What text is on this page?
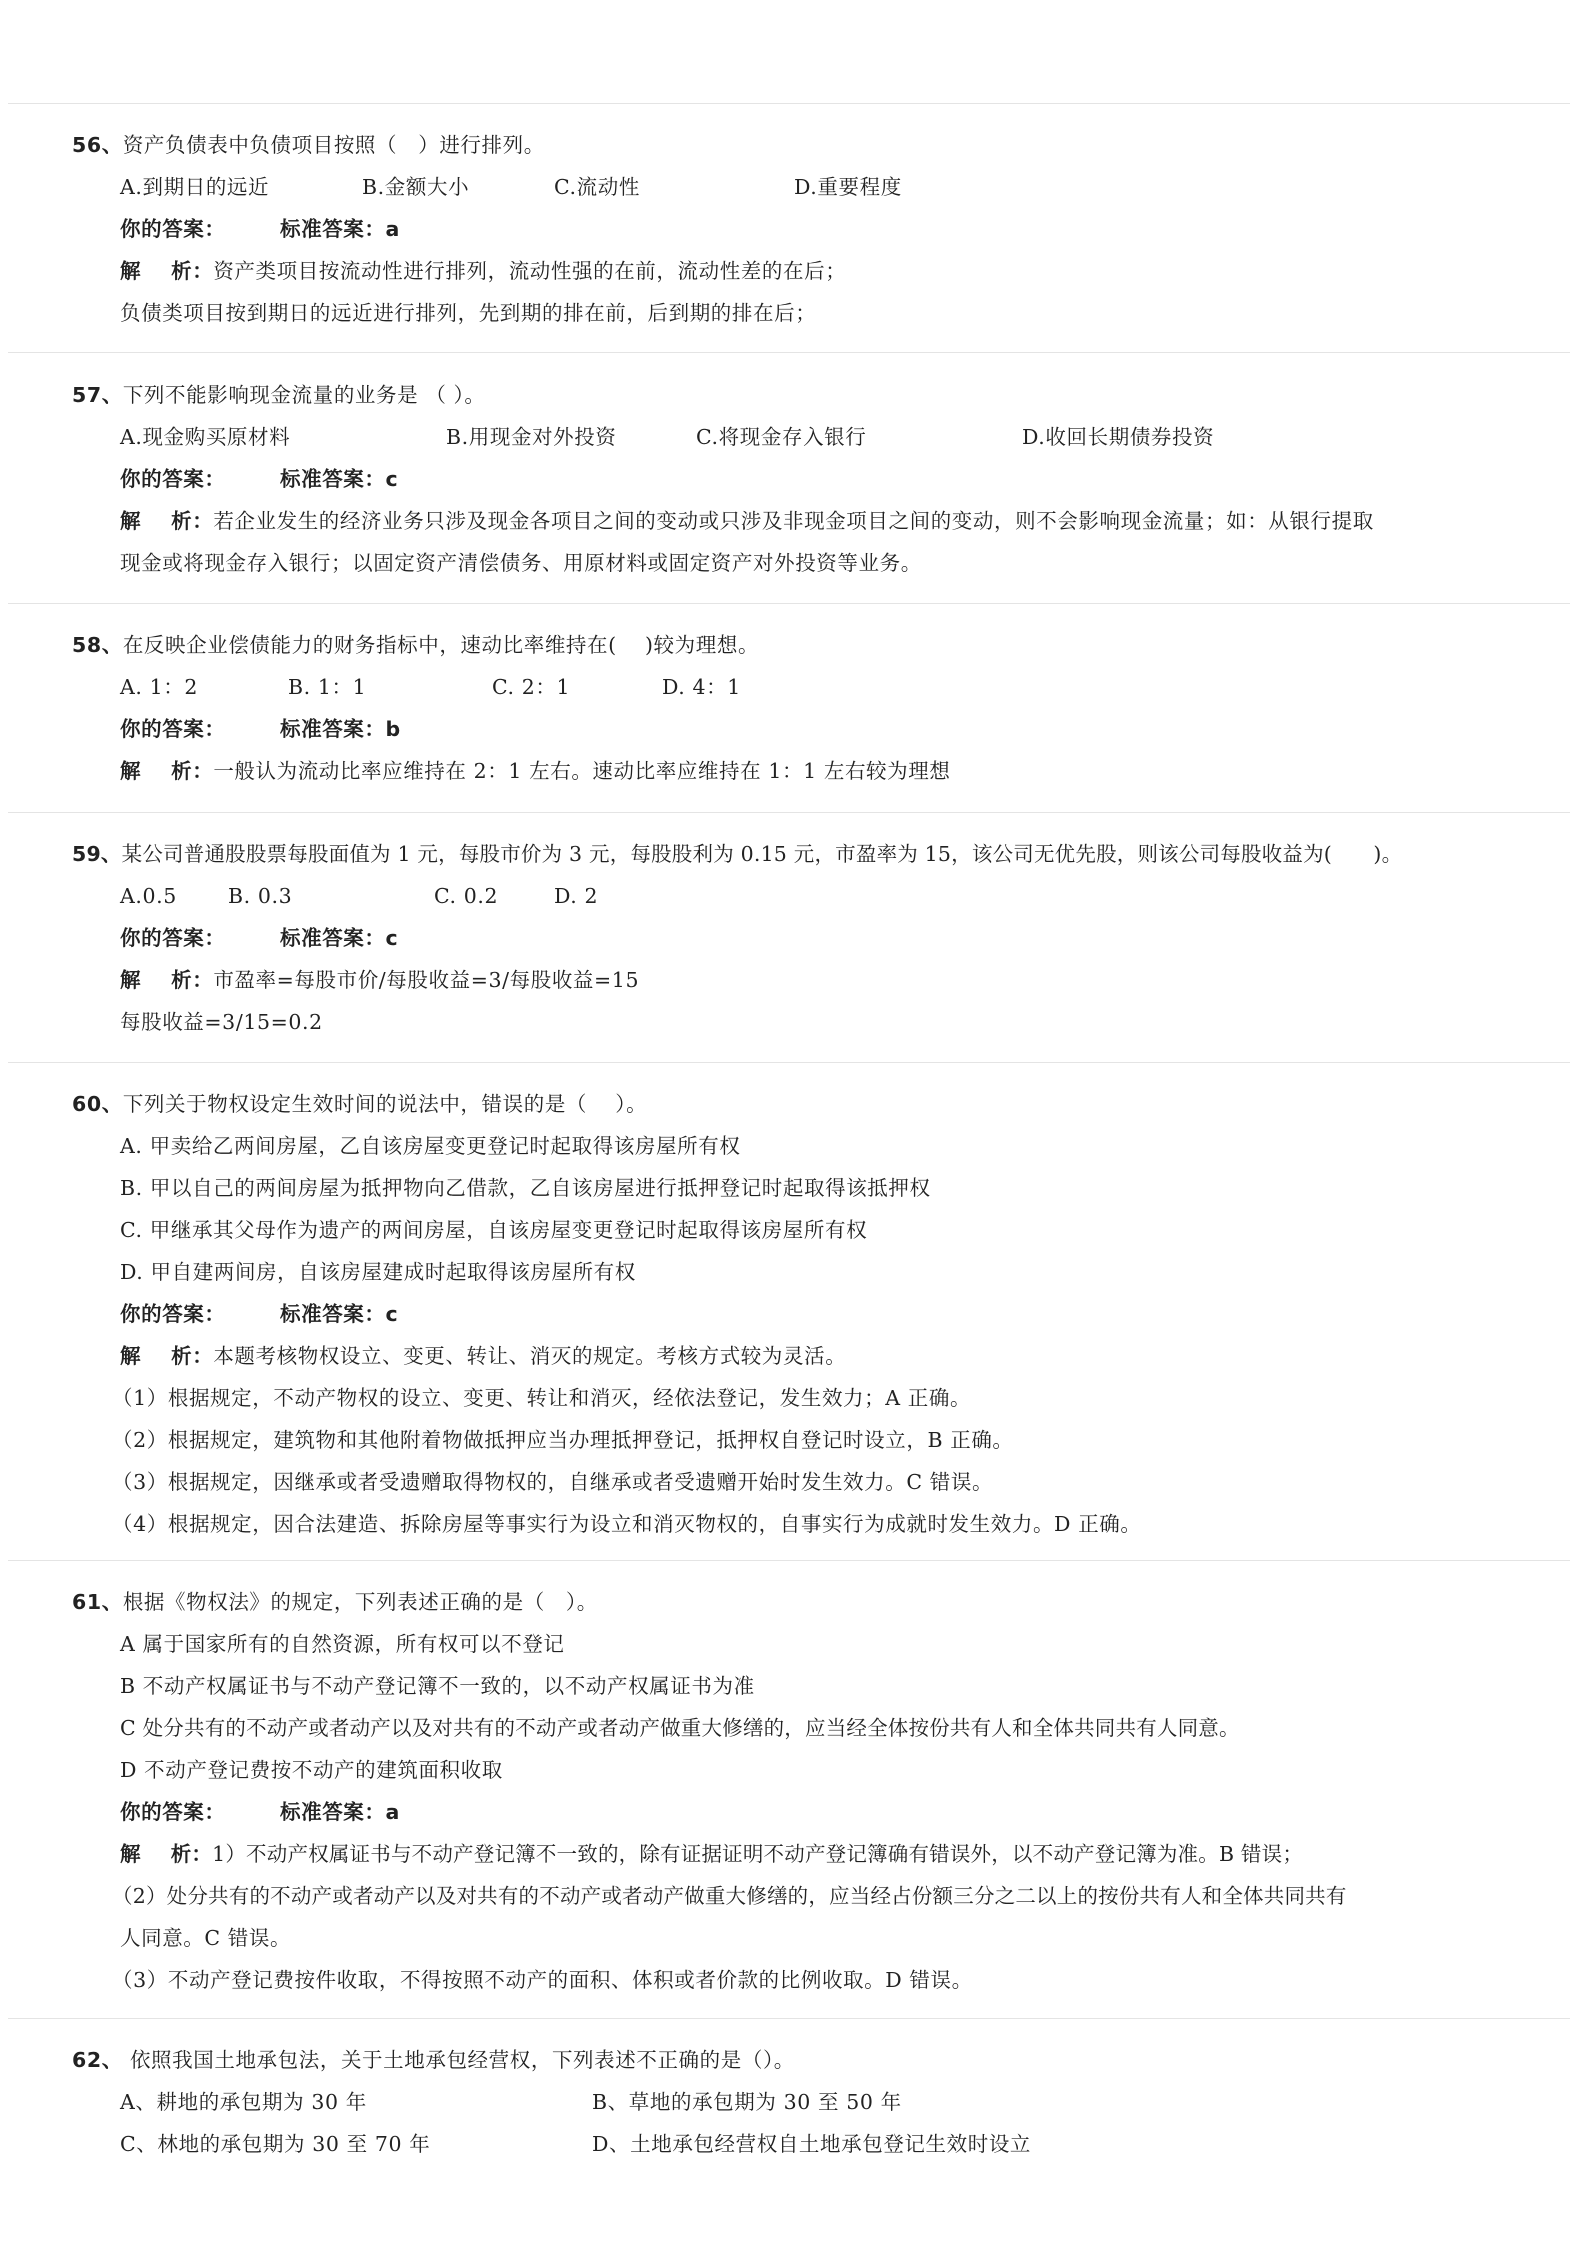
56、资产负债表中负债项目按照（　）进行排列。
A.到期日的远近	B.金额大小	C.流动性	D.重要程度
你的答案：	标准答案：a
解 析：资产类项目按流动性进行排列，流动性强的在前，流动性差的在后；
负债类项目按到期日的远近进行排列，先到期的排在前，后到期的排在后；
57、下列不能影响现金流量的业务是 （ ）。
A.现金购买原材料	B.用现金对外投资	C.将现金存入银行	D.收回长期债券投资
你的答案：	标准答案：c
解 析：若企业发生的经济业务只涉及现金各项目之间的变动或只涉及非现金项目之间的变动，则不会影响现金流量；如：从银行提取
现金或将现金存入银行；以固定资产清偿债务、用原材料或固定资产对外投资等业务。
58、在反映企业偿债能力的财务指标中，速动比率维持在(　 )较为理想。
A. 1：2	B. 1：1	C. 2：1	D. 4：1
你的答案：	标准答案：b
解 析：一般认为流动比率应维持在 2：1 左右。速动比率应维持在 1：1 左右较为理想
59、某公司普通股股票每股面值为 1 元，每股市价为 3 元，每股股利为 0.15 元，市盈率为 15，该公司无优先股，则该公司每股收益为(　　)。
A.0.5 B. 0.3	C. 0.2	D. 2
你的答案：	标准答案：c
解 析：市盈率=每股市价/每股收益=3/每股收益=15
每股收益=3/15=0.2
60、下列关于物权设定生效时间的说法中，错误的是（　 ）。
A. 甲卖给乙两间房屋，乙自该房屋变更登记时起取得该房屋所有权
B. 甲以自己的两间房屋为抵押物向乙借款，乙自该房屋进行抵押登记时起取得该抵押权
C. 甲继承其父母作为遗产的两间房屋，自该房屋变更登记时起取得该房屋所有权
D. 甲自建两间房，自该房屋建成时起取得该房屋所有权
你的答案：	标准答案：c
解 析：本题考核物权设立、变更、转让、消灭的规定。考核方式较为灵活。
（1）根据规定，不动产物权的设立、变更、转让和消灭，经依法登记，发生效力；A 正确。
（2）根据规定，建筑物和其他附着物做抵押应当办理抵押登记，抵押权自登记时设立，B 正确。
（3）根据规定，因继承或者受遗赠取得物权的，自继承或者受遗赠开始时发生效力。C 错误。
（4）根据规定，因合法建造、拆除房屋等事实行为设立和消灭物权的，自事实行为成就时发生效力。D 正确。
61、根据《物权法》的规定，下列表述正确的是（　）。
A 属于国家所有的自然资源，所有权可以不登记
B 不动产权属证书与不动产登记簿不一致的，以不动产权属证书为准
C 处分共有的不动产或者动产以及对共有的不动产或者动产做重大修缮的，应当经全体按份共有人和全体共同共有人同意。
D 不动产登记费按不动产的建筑面积收取
你的答案：	标准答案：a
解 析：1）不动产权属证书与不动产登记簿不一致的，除有证据证明不动产登记簿确有错误外，以不动产登记簿为准。B 错误；
（2）处分共有的不动产或者动产以及对共有的不动产或者动产做重大修缮的，应当经占份额三分之二以上的按份共有人和全体共同共有
人同意。C 错误。
（3）不动产登记费按件收取，不得按照不动产的面积、体积或者价款的比例收取。D 错误。
62、 依照我国土地承包法，关于土地承包经营权，下列表述不正确的是（）。
A、耕地的承包期为 30 年	B、草地的承包期为 30 至 50 年
C、林地的承包期为 30 至 70 年	D、土地承包经营权自土地承包登记生效时设立
